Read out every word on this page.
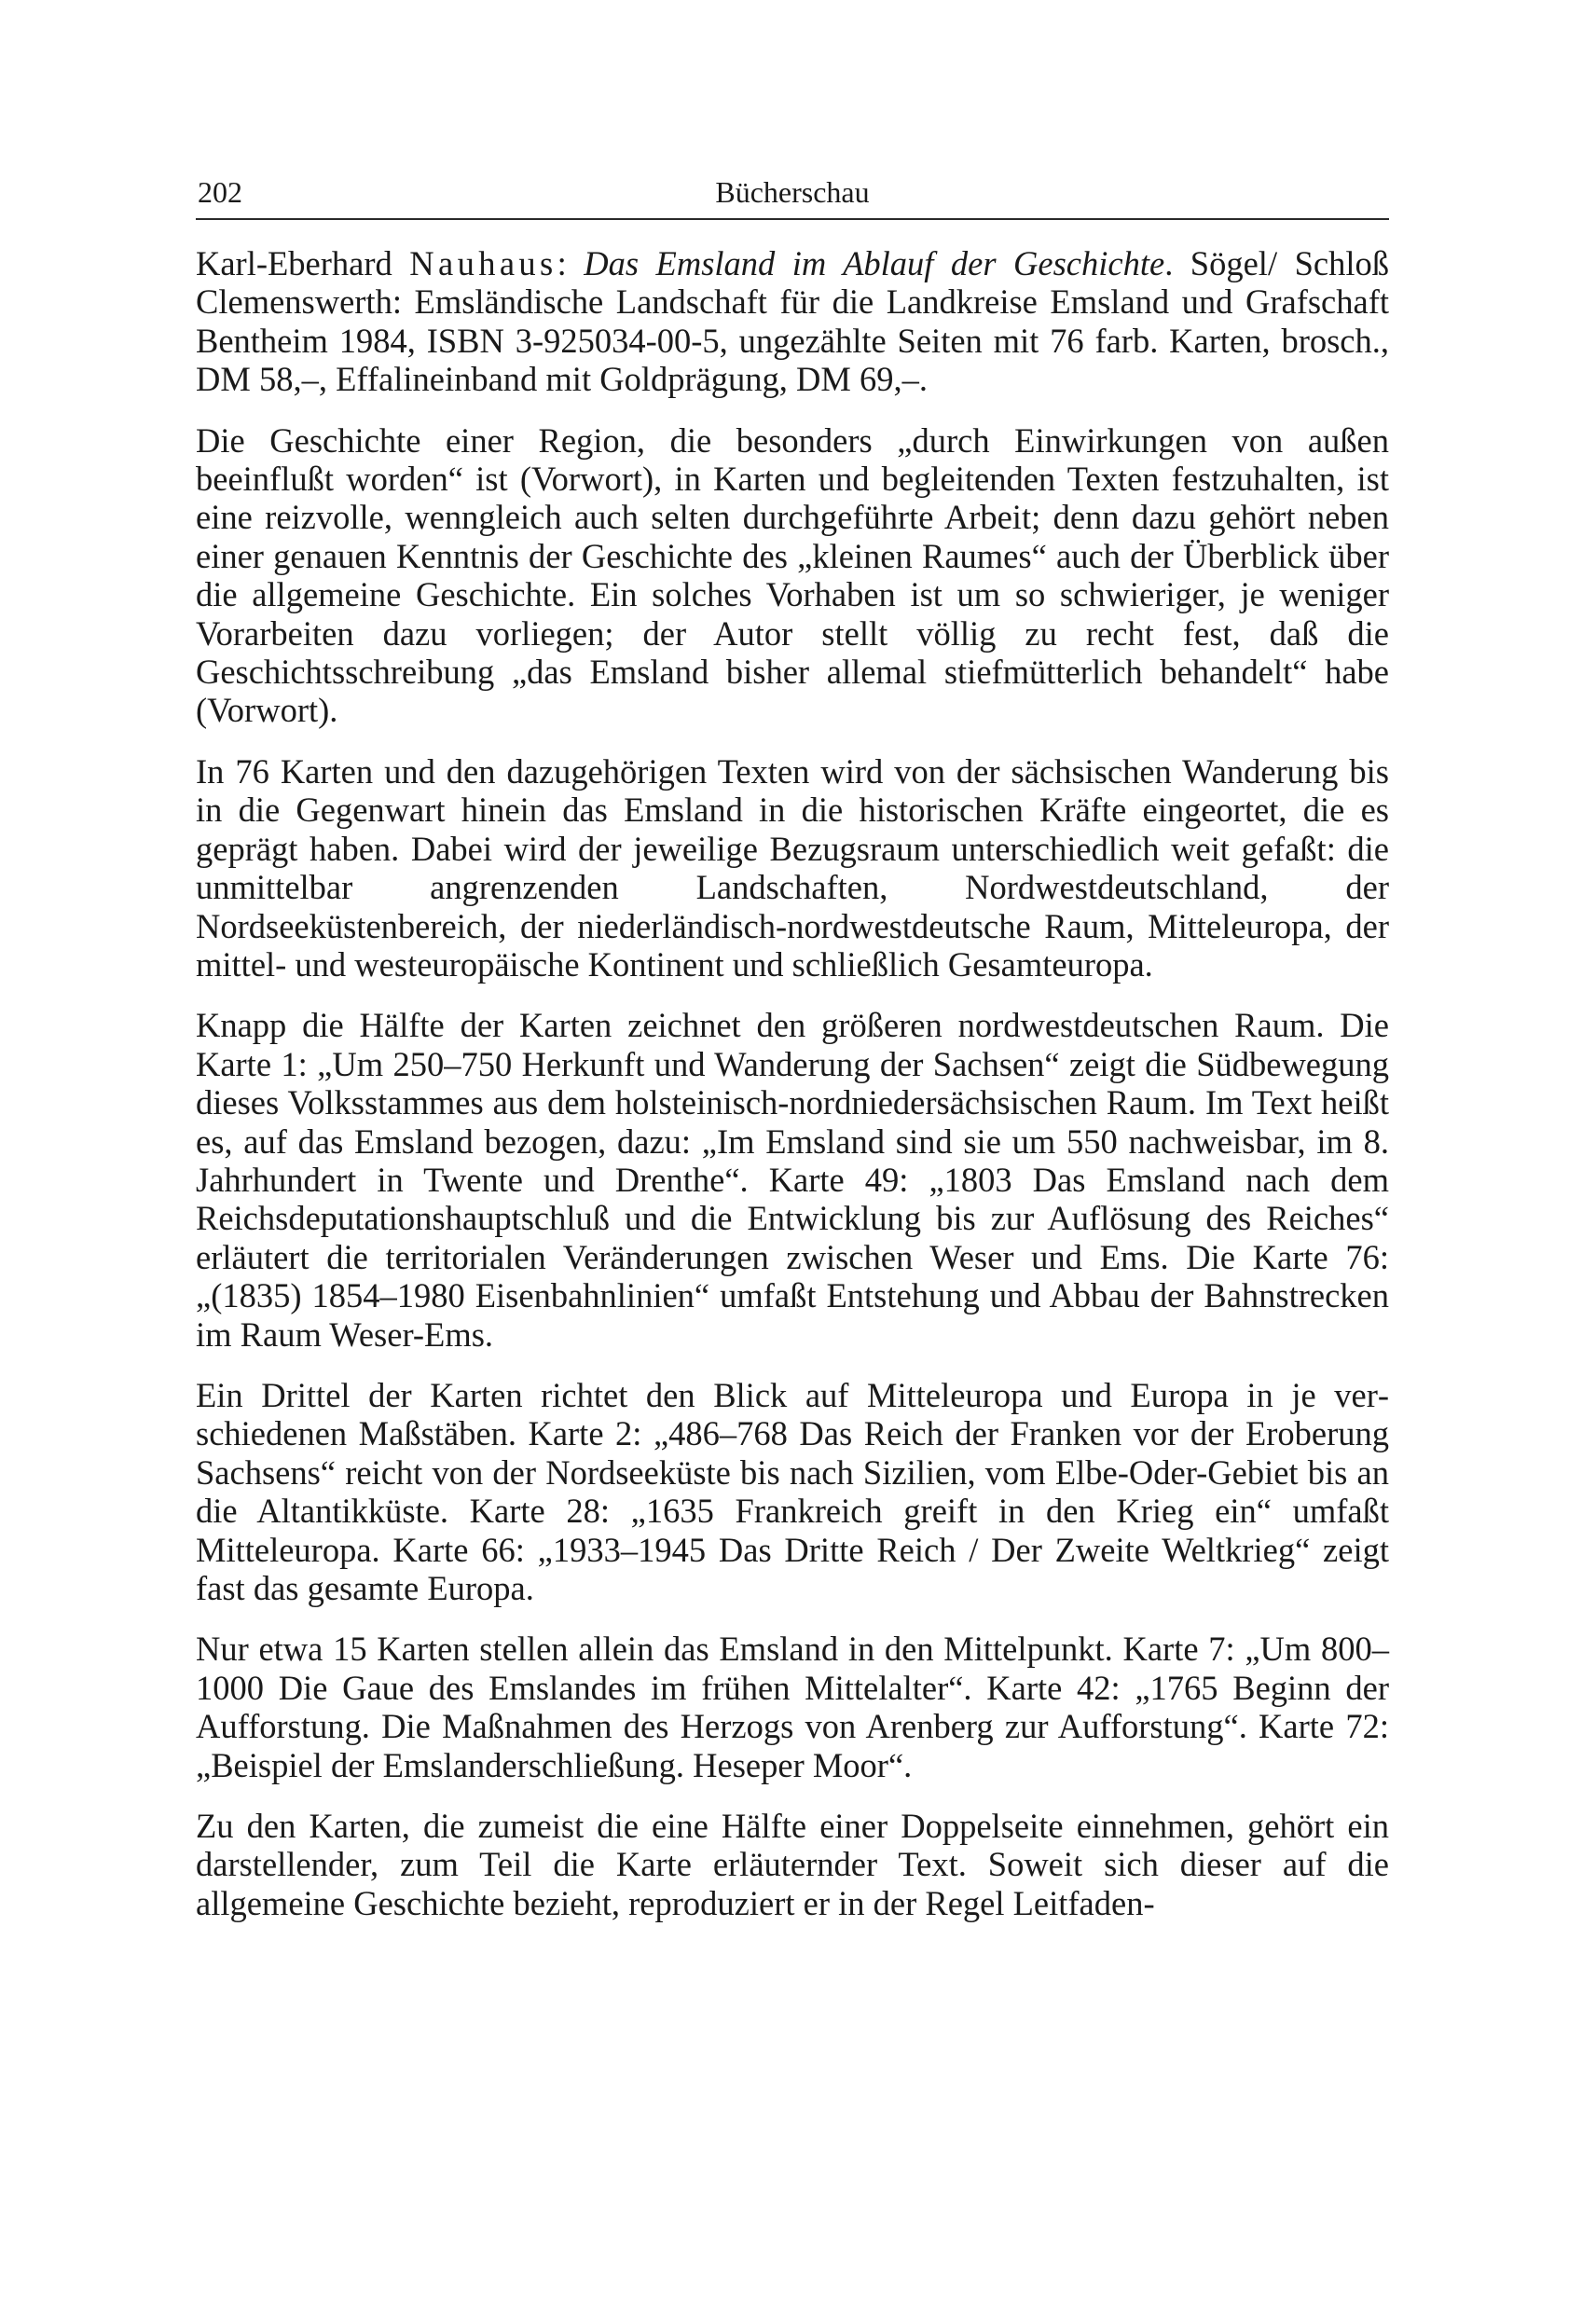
202	Bücherschau

Karl-Eberhard Nauhaus: Das Emsland im Ablauf der Geschichte. Sögel/ Schloß Clemenswerth: Emsländische Landschaft für die Landkreise Emsland und Grafschaft Bentheim 1984, ISBN 3-925034-00-5, ungezählte Seiten mit 76 farb. Karten, brosch., DM 58,–, Effalineinband mit Goldprägung, DM 69,–.

Die Geschichte einer Region, die besonders „durch Einwirkungen von außen beeinflußt worden“ ist (Vorwort), in Karten und begleitenden Texten festzuhalten, ist eine reizvolle, wenngleich auch selten durchgeführte Arbeit; denn dazu gehört neben einer genauen Kenntnis der Geschichte des „kleinen Raumes“ auch der Überblick über die allgemeine Geschichte. Ein solches Vorhaben ist um so schwieriger, je weniger Vorarbeiten dazu vorliegen; der Autor stellt völlig zu recht fest, daß die Geschichtsschreibung „das Emsland bisher allemal stiefmütterlich behandelt“ habe (Vorwort).

In 76 Karten und den dazugehörigen Texten wird von der sächsischen Wanderung bis in die Gegenwart hinein das Emsland in die historischen Kräfte eingeortet, die es geprägt haben. Dabei wird der jeweilige Bezugsraum unterschiedlich weit gefaßt: die unmittelbar angrenzenden Landschaften, Nordwestdeutschland, der Nordseeküstenbereich, der niederländisch-nordwestdeutsche Raum, Mitteleuropa, der mittel- und westeuropäische Kontinent und schließlich Gesamteuropa.

Knapp die Hälfte der Karten zeichnet den größeren nordwestdeutschen Raum. Die Karte 1: „Um 250–750 Herkunft und Wanderung der Sachsen“ zeigt die Südbewegung dieses Volksstammes aus dem holsteinisch-nordniedersächsischen Raum. Im Text heißt es, auf das Emsland bezogen, dazu: „Im Emsland sind sie um 550 nachweisbar, im 8. Jahrhundert in Twente und Drenthe“. Karte 49: „1803 Das Emsland nach dem Reichsdeputationshauptschluß und die Entwicklung bis zur Auflösung des Reiches“ erläutert die territorialen Veränderungen zwischen Weser und Ems. Die Karte 76: „(1835) 1854–1980 Eisenbahnlinien“ umfaßt Entstehung und Abbau der Bahnstrecken im Raum Weser-Ems.

Ein Drittel der Karten richtet den Blick auf Mitteleuropa und Europa in je verschiedenen Maßstäben. Karte 2: „486–768 Das Reich der Franken vor der Eroberung Sachsens“ reicht von der Nordseeküste bis nach Sizilien, vom Elbe-Oder-Gebiet bis an die Altantikküste. Karte 28: „1635 Frankreich greift in den Krieg ein“ umfaßt Mitteleuropa. Karte 66: „1933–1945 Das Dritte Reich / Der Zweite Weltkrieg“ zeigt fast das gesamte Europa.

Nur etwa 15 Karten stellen allein das Emsland in den Mittelpunkt. Karte 7: „Um 800–1000 Die Gaue des Emslandes im frühen Mittelalter“. Karte 42: „1765 Beginn der Aufforstung. Die Maßnahmen des Herzogs von Arenberg zur Aufforstung“. Karte 72: „Beispiel der Emslanderschließung. Heseper Moor“.

Zu den Karten, die zumeist die eine Hälfte einer Doppelseite einnehmen, gehört ein darstellender, zum Teil die Karte erläuternder Text. Soweit sich dieser auf die allgemeine Geschichte bezieht, reproduziert er in der Regel Leitfaden-
